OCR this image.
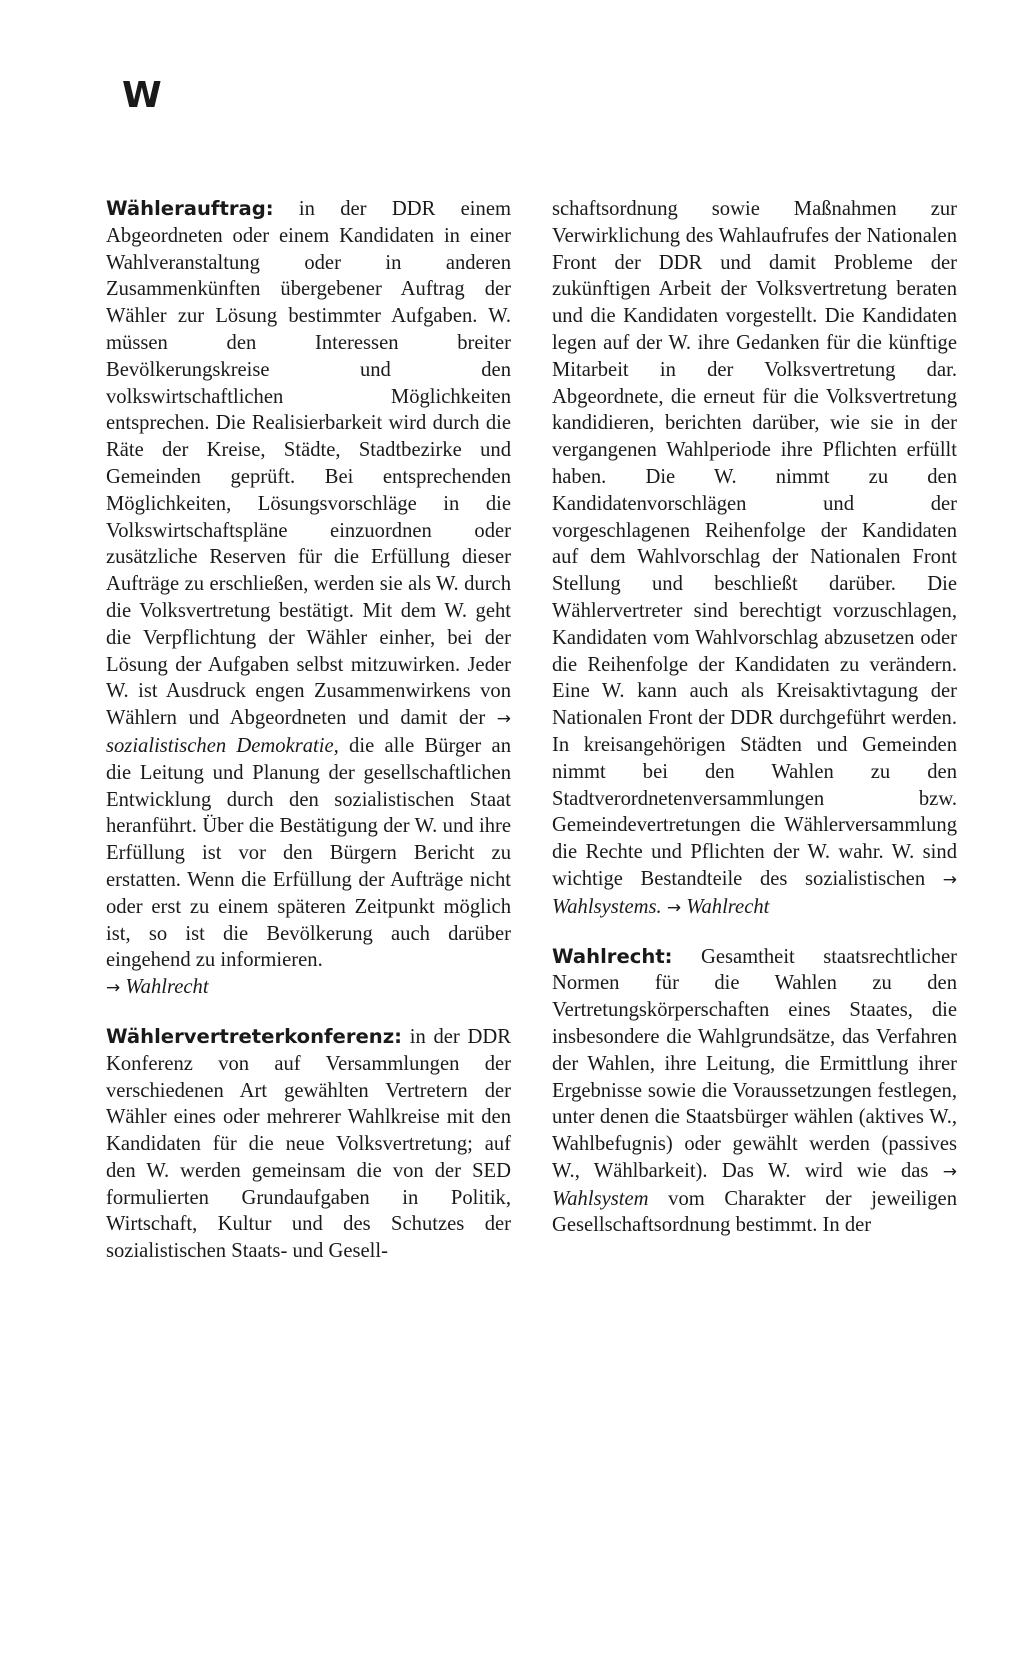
W

Wählerauftrag: in der DDR einem Abgeordneten oder einem Kandidaten in einer Wahlveranstaltung oder in anderen Zusammenkünften übergebener Auftrag der Wähler zur Lösung bestimmter Aufgaben. W. müssen den Interessen breiter Bevölkerungskreise und den volkswirtschaftlichen Möglichkeiten entsprechen. Die Realisierbarkeit wird durch die Räte der Kreise, Städte, Stadtbezirke und Gemeinden geprüft. Bei entsprechenden Möglichkeiten, Lösungsvorschläge in die Volkswirtschaftspläne einzuordnen oder zusätzliche Reserven für die Erfüllung dieser Aufträge zu erschließen, werden sie als W. durch die Volksvertretung bestätigt. Mit dem W. geht die Verpflichtung der Wähler einher, bei der Lösung der Aufgaben selbst mitzuwirken. Jeder W. ist Ausdruck engen Zusammenwirkens von Wählern und Abgeordneten und damit der → sozialistischen Demokratie, die alle Bürger an die Leitung und Planung der gesellschaftlichen Entwicklung durch den sozialistischen Staat heranführt. Über die Bestätigung der W. und ihre Erfüllung ist vor den Bürgern Bericht zu erstatten. Wenn die Erfüllung der Aufträge nicht oder erst zu einem späteren Zeitpunkt möglich ist, so ist die Bevölkerung auch darüber eingehend zu informieren.
→ Wahlrecht

Wählervertreterkonferenz: in der DDR Konferenz von auf Versammlungen der verschiedenen Art gewählten Vertretern der Wähler eines oder mehrerer Wahlkreise mit den Kandidaten für die neue Volksvertretung; auf den W. werden gemeinsam die von der SED formulierten Grundaufgaben in Politik, Wirtschaft, Kultur und des Schutzes der sozialistischen Staats- und Gesell-

schaftsordnung sowie Maßnahmen zur Verwirklichung des Wahlaufrufes der Nationalen Front der DDR und damit Probleme der zukünftigen Arbeit der Volksvertretung beraten und die Kandidaten vorgestellt. Die Kandidaten legen auf der W. ihre Gedanken für die künftige Mitarbeit in der Volksvertretung dar. Abgeordnete, die erneut für die Volksvertretung kandidieren, berichten darüber, wie sie in der vergangenen Wahlperiode ihre Pflichten erfüllt haben. Die W. nimmt zu den Kandidatenvorschlägen und der vorgeschlagenen Reihenfolge der Kandidaten auf dem Wahlvorschlag der Nationalen Front Stellung und beschließt darüber. Die Wählervertreter sind berechtigt vorzuschlagen, Kandidaten vom Wahlvorschlag abzusetzen oder die Reihenfolge der Kandidaten zu verändern. Eine W. kann auch als Kreisaktivtagung der Nationalen Front der DDR durchgeführt werden. In kreisangehörigen Städten und Gemeinden nimmt bei den Wahlen zu den Stadtverordnetenversammlungen bzw. Gemeindevertretungen die Wählerversammlung die Rechte und Pflichten der W. wahr. W. sind wichtige Bestandteile des sozialistischen → Wahlsystems. → Wahlrecht

Wahlrecht: Gesamtheit staatsrechtlicher Normen für die Wahlen zu den Vertretungskörperschaften eines Staates, die insbesondere die Wahlgrundsätze, das Verfahren der Wahlen, ihre Leitung, die Ermittlung ihrer Ergebnisse sowie die Voraussetzungen festlegen, unter denen die Staatsbürger wählen (aktives W., Wahlbefugnis) oder gewählt werden (passives W., Wählbarkeit). Das W. wird wie das → Wahlsystem vom Charakter der jeweiligen Gesellschaftsordnung bestimmt. In der
